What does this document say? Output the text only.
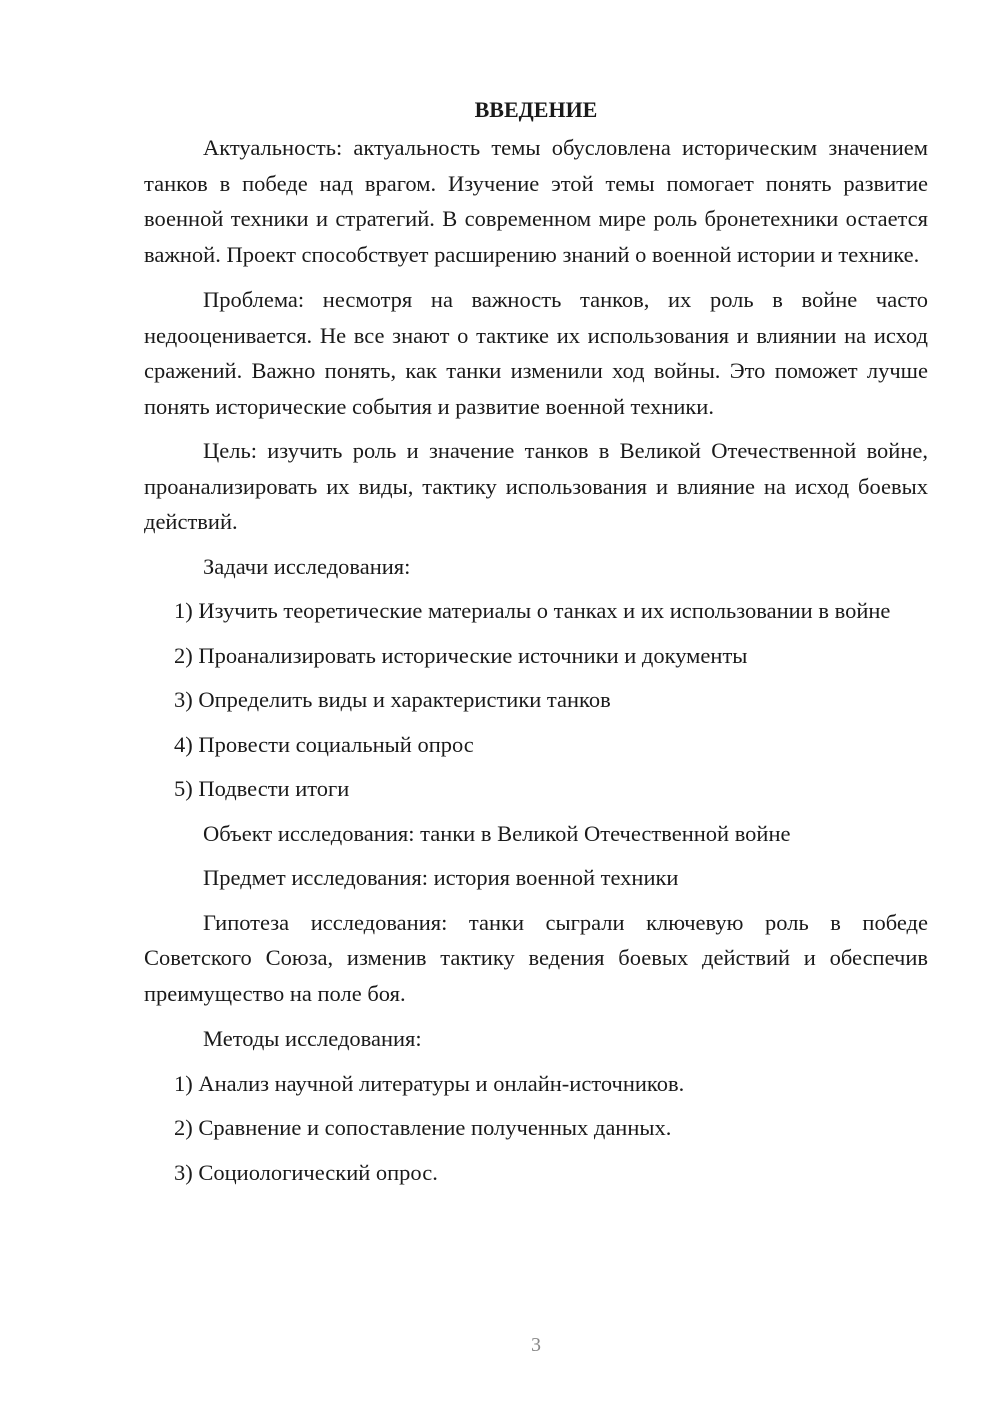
ВВЕДЕНИЕ

Актуальность: актуальность темы обусловлена историческим значением танков в победе над врагом. Изучение этой темы помогает понять развитие военной техники и стратегий. В современном мире роль бронетехники остается важной. Проект способствует расширению знаний о военной истории и технике.

Проблема: несмотря на важность танков, их роль в войне часто недооценивается. Не все знают о тактике их использования и влиянии на исход сражений. Важно понять, как танки изменили ход войны. Это поможет лучше понять исторические события и развитие военной техники.

Цель: изучить роль и значение танков в Великой Отечественной войне, проанализировать их виды, тактику использования и влияние на исход боевых действий.

Задачи исследования:

1) Изучить теоретические материалы о танках и их использовании в войне

2) Проанализировать исторические источники и документы

3) Определить виды и характеристики танков

4) Провести социальный опрос

5) Подвести итоги

Объект исследования: танки в Великой Отечественной войне

Предмет исследования: история военной техники

Гипотеза исследования: танки сыграли ключевую роль в победе Советского Союза, изменив тактику ведения боевых действий и обеспечив преимущество на поле боя.

Методы исследования:

1) Анализ научной литературы и онлайн-источников.

2) Сравнение и сопоставление полученных данных.

3) Социологический опрос.

3
